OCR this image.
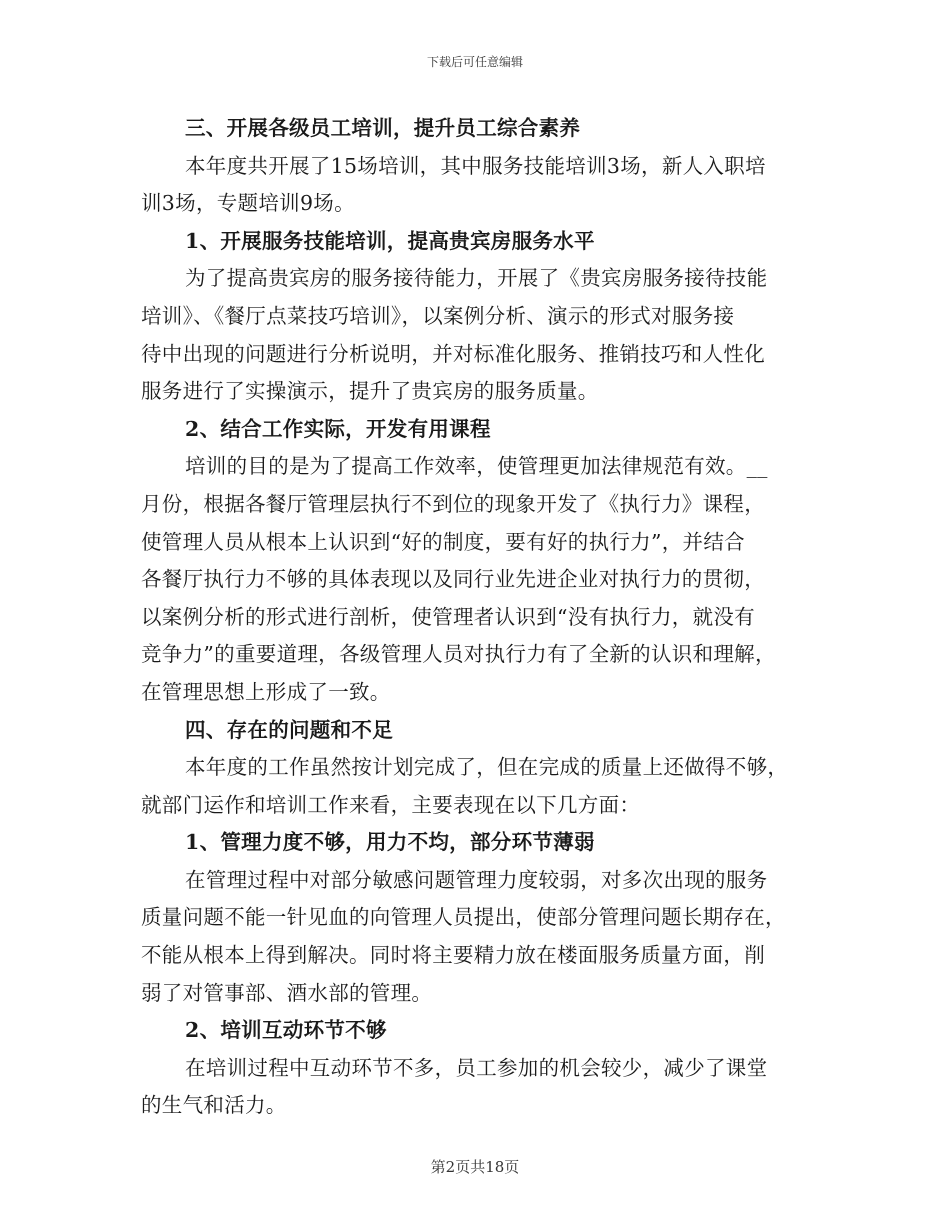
下载后可任意编辑
三、开展各级员工培训，提升员工综合素养
本年度共开展了15场培训，其中服务技能培训3场，新人入职培
训3场，专题培训9场。
1、开展服务技能培训，提高贵宾房服务水平
为了提高贵宾房的服务接待能力，开展了《贵宾房服务接待技能
培训》、《餐厅点菜技巧培训》，以案例分析、演示的形式对服务接
待中出现的问题进行分析说明，并对标准化服务、推销技巧和人性化
服务进行了实操演示，提升了贵宾房的服务质量。
2、结合工作实际，开发有用课程
培训的目的是为了提高工作效率，使管理更加法律规范有效。__
月份，根据各餐厅管理层执行不到位的现象开发了《执行力》课程，
使管理人员从根本上认识到“好的制度，要有好的执行力”，并结合
各餐厅执行力不够的具体表现以及同行业先进企业对执行力的贯彻，
以案例分析的形式进行剖析，使管理者认识到“没有执行力，就没有
竞争力”的重要道理，各级管理人员对执行力有了全新的认识和理解，
在管理思想上形成了一致。
四、存在的问题和不足
本年度的工作虽然按计划完成了，但在完成的质量上还做得不够，
就部门运作和培训工作来看，主要表现在以下几方面：
1、管理力度不够，用力不均，部分环节薄弱
在管理过程中对部分敏感问题管理力度较弱，对多次出现的服务
质量问题不能一针见血的向管理人员提出，使部分管理问题长期存在，
不能从根本上得到解决。同时将主要精力放在楼面服务质量方面，削
弱了对管事部、酒水部的管理。
2、培训互动环节不够
在培训过程中互动环节不多，员工参加的机会较少，减少了课堂
的生气和活力。
第2页共18页
